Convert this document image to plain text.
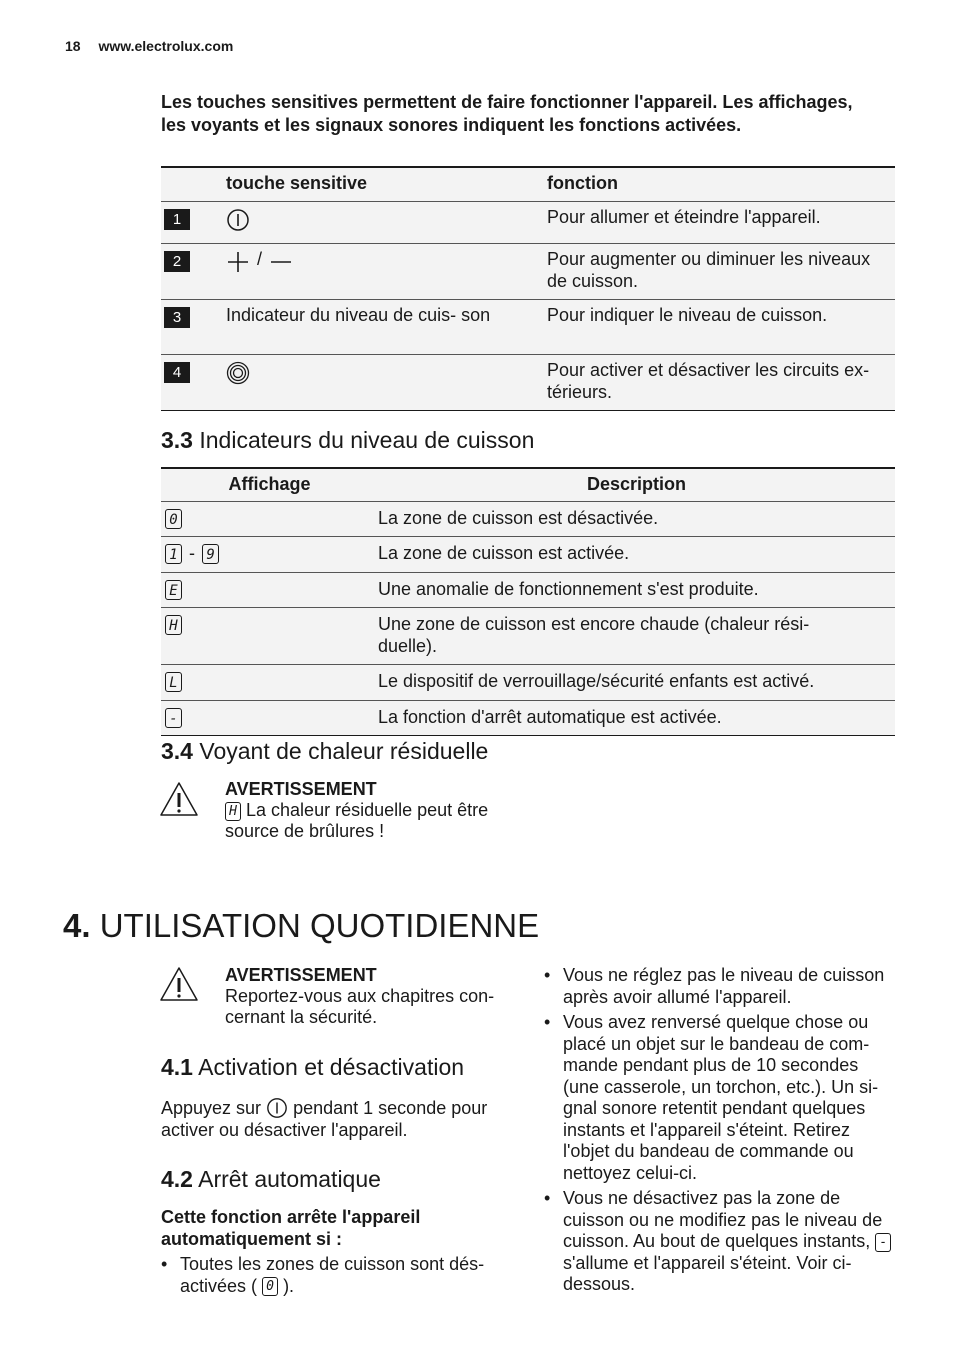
18 www.electrolux.com
Les touches sensitives permettent de faire fonctionner l'appareil. Les affichages, les voyants et les signaux sonores indiquent les fonctions activées.
	touche sensitive	fonction
1		Pour allumer et éteindre l'appareil.
2	/	Pour augmenter ou diminuer les niveaux de cuisson.
3	Indicateur du niveau de cuis- son	Pour indiquer le niveau de cuisson.
4		Pour activer et désactiver les circuits ex- térieurs.
3.3 Indicateurs du niveau de cuisson
Affichage	Description
0	La zone de cuisson est désactivée.
1 - 9	La zone de cuisson est activée.
E	Une anomalie de fonctionnement s'est produite.
H	Une zone de cuisson est encore chaude (chaleur rési- duelle).
L	Le dispositif de verrouillage/sécurité enfants est activé.
-	La fonction d'arrêt automatique est activée.
3.4 Voyant de chaleur résiduelle
AVERTISSEMENT
H La chaleur résiduelle peut être source de brûlures !
4. UTILISATION QUOTIDIENNE
AVERTISSEMENT
Reportez-vous aux chapitres con- cernant la sécurité.
4.1 Activation et désactivation
Appuyez sur pendant 1 seconde pour activer ou désactiver l'appareil.
4.2 Arrêt automatique
Cette fonction arrête l'appareil automatiquement si :
• Toutes les zones de cuisson sont dés- activées ( 0 ).
• Vous ne réglez pas le niveau de cuisson après avoir allumé l'appareil.
• Vous avez renversé quelque chose ou placé un objet sur le bandeau de com- mande pendant plus de 10 secondes (une casserole, un torchon, etc.). Un si- gnal sonore retentit pendant quelques instants et l'appareil s'éteint. Retirez l'objet du bandeau de commande ou nettoyez celui-ci.
• Vous ne désactivez pas la zone de cuisson ou ne modifiez pas le niveau de cuisson. Au bout de quelques instants, - s'allume et l'appareil s'éteint. Voir ci- dessous.
